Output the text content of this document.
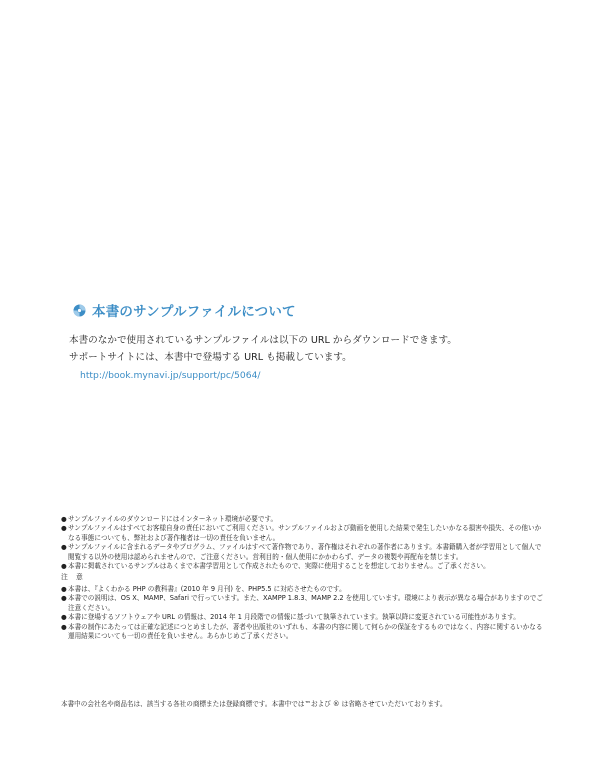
本書のサンプルファイルについて
本書のなかで使用されているサンプルファイルは以下の URL からダウンロードできます。
サポートサイトには、本書中で登場する URL も掲載しています。
http://book.mynavi.jp/support/pc/5064/
● サンプルファイルのダウンロードにはインターネット環境が必要です。
● サンプルファイルはすべてお客様自身の責任においてご利用ください。サンプルファイルおよび動画を使用した結果で発生したいかなる損害や損失、その他いかなる事態についても、弊社および著作権者は一切の責任を負いません。
● サンプルファイルに含まれるデータやプログラム、ファイルはすべて著作物であり、著作権はそれぞれの著作者にあります。本書籍購入者が学習用として個人で閲覧する以外の使用は認められませんので、ご注意ください。営利目的・個人使用にかかわらず、データの複製や再配布を禁じます。
● 本書に掲載されているサンプルはあくまで本書学習用として作成されたもので、実際に使用することを想定しておりません。ご了承ください。
注 意
● 本書は、『よくわかる PHP の教科書』(2010 年 9 月刊) を、PHP5.5 に対応させたものです。
● 本書での説明は、OS X、MAMP、Safari で行っています。また、XAMPP 1.8.3、MAMP 2.2 を使用しています。環境により表示が異なる場合がありますのでご注意ください。
● 本書に登場するソフトウェアや URL の情報は、2014 年 1 月段階での情報に基づいて執筆されています。執筆以降に変更されている可能性があります。
● 本書の制作にあたっては正確な記述につとめましたが、著者や出版社のいずれも、本書の内容に関して何らかの保証をするものではなく、内容に関するいかなる運用結果についても一切の責任を負いません。あらかじめご了承ください。
本書中の会社名や商品名は、該当する各社の商標または登録商標です。本書中では™および ® は省略させていただいております。
